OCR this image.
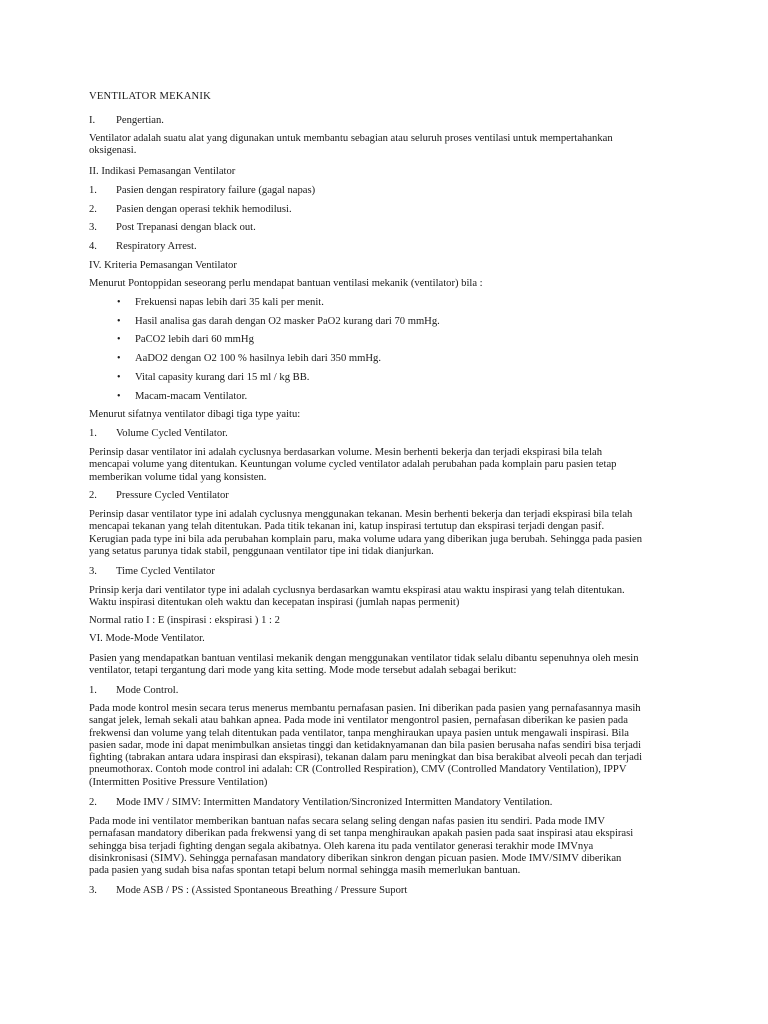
VENTILATOR MEKANIK
I. Pengertian.
Ventilator adalah suatu alat yang digunakan untuk membantu sebagian atau seluruh proses ventilasi untuk mempertahankan
oksigenasi.
II. Indikasi Pemasangan Ventilator
1. Pasien dengan respiratory failure (gagal napas)
2. Pasien dengan operasi tekhik hemodilusi.
3. Post Trepanasi dengan black out.
4. Respiratory Arrest.
IV. Kriteria Pemasangan Ventilator
Menurut Pontoppidan seseorang perlu mendapat bantuan ventilasi mekanik (ventilator) bila :
• Frekuensi napas lebih dari 35 kali per menit.
• Hasil analisa gas darah dengan O2 masker PaO2 kurang dari 70 mmHg.
• PaCO2 lebih dari 60 mmHg
• AaDO2 dengan O2 100 % hasilnya lebih dari 350 mmHg.
• Vital capasity kurang dari 15 ml / kg BB.
• Macam-macam Ventilator.
Menurut sifatnya ventilator dibagi tiga type yaitu:
1. Volume Cycled Ventilator.
Perinsip dasar ventilator ini adalah cyclusnya berdasarkan volume. Mesin berhenti bekerja dan terjadi ekspirasi bila telah
mencapai volume yang ditentukan. Keuntungan volume cycled ventilator adalah perubahan pada komplain paru pasien tetap
memberikan volume tidal yang konsisten.
2. Pressure Cycled Ventilator
Perinsip dasar ventilator type ini adalah cyclusnya menggunakan tekanan. Mesin berhenti bekerja dan terjadi ekspirasi bila telah
mencapai tekanan yang telah ditentukan. Pada titik tekanan ini, katup inspirasi tertutup dan ekspirasi terjadi dengan pasif.
Kerugian pada type ini bila ada perubahan komplain paru, maka volume udara yang diberikan juga berubah. Sehingga pada pasien
yang setatus parunya tidak stabil, penggunaan ventilator tipe ini tidak dianjurkan.
3. Time Cycled Ventilator
Prinsip kerja dari ventilator type ini adalah cyclusnya berdasarkan wamtu ekspirasi atau waktu inspirasi yang telah ditentukan.
Waktu inspirasi ditentukan oleh waktu dan kecepatan inspirasi (jumlah napas permenit)
Normal ratio I : E (inspirasi : ekspirasi ) 1 : 2
VI. Mode-Mode Ventilator.
Pasien yang mendapatkan bantuan ventilasi mekanik dengan menggunakan ventilator tidak selalu dibantu sepenuhnya oleh mesin
ventilator, tetapi tergantung dari mode yang kita setting. Mode mode tersebut adalah sebagai berikut:
1. Mode Control.
Pada mode kontrol mesin secara terus menerus membantu pernafasan pasien. Ini diberikan pada pasien yang pernafasannya masih
sangat jelek, lemah sekali atau bahkan apnea. Pada mode ini ventilator mengontrol pasien, pernafasan diberikan ke pasien pada
frekwensi dan volume yang telah ditentukan pada ventilator, tanpa menghiraukan upaya pasien untuk mengawali inspirasi. Bila
pasien sadar, mode ini dapat menimbulkan ansietas tinggi dan ketidaknyamanan dan bila pasien berusaha nafas sendiri bisa terjadi
fighting (tabrakan antara udara inspirasi dan ekspirasi), tekanan dalam paru meningkat dan bisa berakibat alveoli pecah dan terjadi
pneumothorax. Contoh mode control ini adalah: CR (Controlled Respiration), CMV (Controlled Mandatory Ventilation), IPPV
(Intermitten Positive Pressure Ventilation)
2. Mode IMV / SIMV: Intermitten Mandatory Ventilation/Sincronized Intermitten Mandatory Ventilation.
Pada mode ini ventilator memberikan bantuan nafas secara selang seling dengan nafas pasien itu sendiri. Pada mode IMV
pernafasan mandatory diberikan pada frekwensi yang di set tanpa menghiraukan apakah pasien pada saat inspirasi atau ekspirasi
sehingga bisa terjadi fighting dengan segala akibatnya. Oleh karena itu pada ventilator generasi terakhir mode IMVnya
disinkronisasi (SIMV). Sehingga pernafasan mandatory diberikan sinkron dengan picuan pasien. Mode IMV/SIMV diberikan
pada pasien yang sudah bisa nafas spontan tetapi belum normal sehingga masih memerlukan bantuan.
3. Mode ASB / PS : (Assisted Spontaneous Breathing / Pressure Suport
